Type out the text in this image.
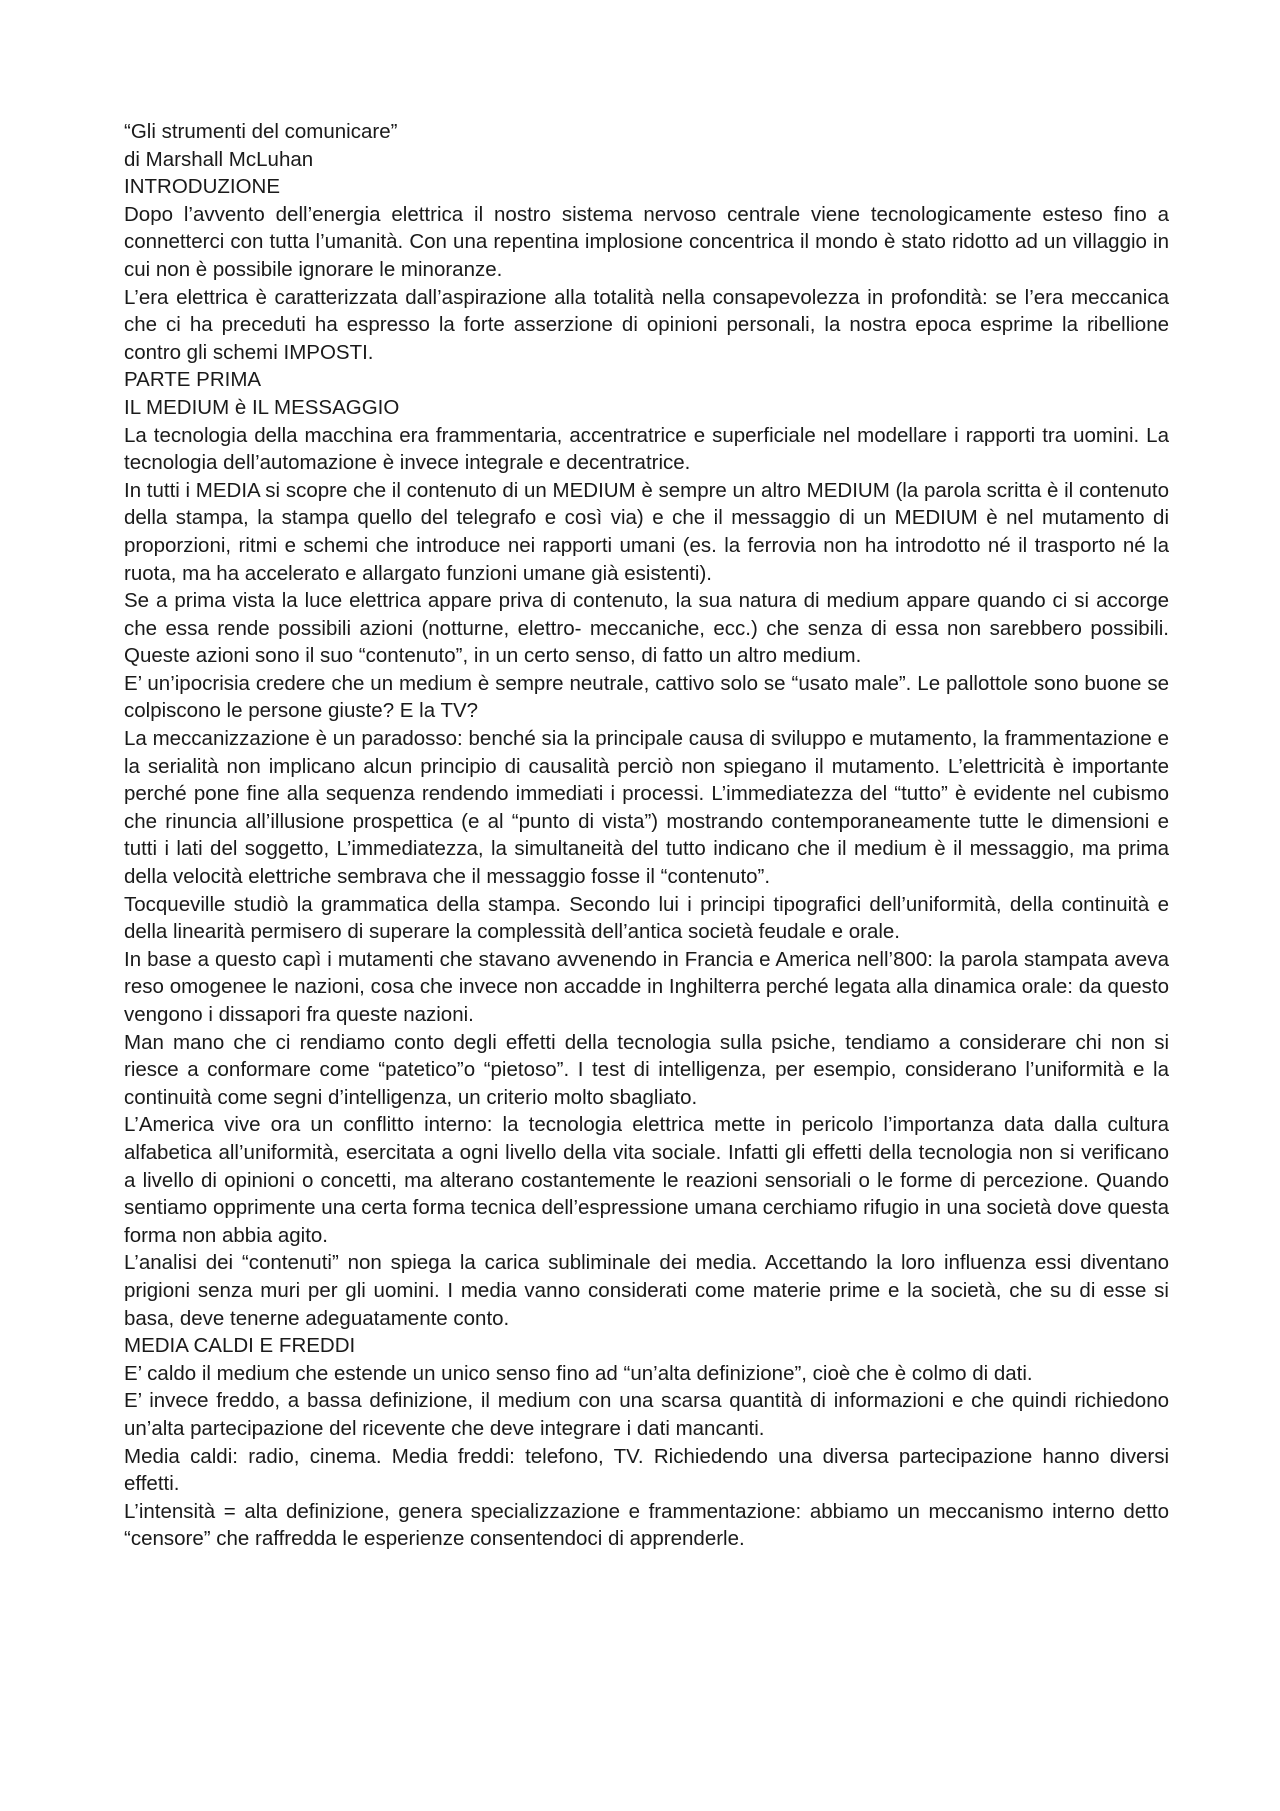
“Gli strumenti del comunicare”
di Marshall McLuhan
INTRODUZIONE

Dopo l’avvento dell’energia elettrica il nostro sistema nervoso centrale viene tecnologicamente esteso fino a connetterci con tutta l’umanità. Con una repentina implosione concentrica il mondo è stato ridotto ad un villaggio in cui non è possibile ignorare le minoranze.

L’era elettrica è caratterizzata dall’aspirazione alla totalità nella consapevolezza in profondità: se l’era meccanica che ci ha preceduti ha espresso la forte asserzione di opinioni personali, la nostra epoca esprime la ribellione contro gli schemi IMPOSTI.

PARTE PRIMA
IL MEDIUM è IL MESSAGGIO

La tecnologia della macchina era frammentaria, accentratrice e superficiale nel modellare i rapporti tra uomini. La tecnologia dell’automazione è invece integrale e decentratrice.

In tutti i MEDIA si scopre che il contenuto di un MEDIUM è sempre un altro MEDIUM (la parola scritta è il contenuto della stampa, la stampa quello del telegrafo e così via) e che il messaggio di un MEDIUM è nel mutamento di proporzioni, ritmi e schemi che introduce nei rapporti umani (es. la ferrovia non ha introdotto né il trasporto né la ruota, ma ha accelerato e allargato funzioni umane già esistenti).

Se a prima vista la luce elettrica appare priva di contenuto, la sua natura di medium appare quando ci si accorge che essa rende possibili azioni (notturne, elettro- meccaniche, ecc.) che senza di essa non sarebbero possibili. Queste azioni sono il suo “contenuto”, in un certo senso, di fatto un altro medium.

E’ un’ipocrisia credere che un medium è sempre neutrale, cattivo solo se “usato male”. Le pallottole sono buone se colpiscono le persone giuste? E la TV?

La meccanizzazione è un paradosso: benché sia la principale causa di sviluppo e mutamento, la frammentazione e la serialità non implicano alcun principio di causalità perciò non spiegano il mutamento. L’elettricità è importante perché pone fine alla sequenza rendendo immediati i processi. L’immediatezza del “tutto” è evidente nel cubismo che rinuncia all’illusione prospettica (e al “punto di vista”) mostrando contemporaneamente tutte le dimensioni e tutti i lati del soggetto, L’immediatezza, la simultaneità del tutto indicano che il medium è il messaggio, ma prima della velocità elettriche sembrava che il messaggio fosse il “contenuto”.

Tocqueville studiò la grammatica della stampa. Secondo lui i principi tipografici dell’uniformità, della continuità e della linearità permisero di superare la complessità dell’antica società feudale e orale.

In base a questo capì i mutamenti che stavano avvenendo in Francia e America nell’800: la parola stampata aveva reso omogenee le nazioni, cosa che invece non accadde in Inghilterra perché legata alla dinamica orale: da questo vengono i dissapori fra queste nazioni.

Man mano che ci rendiamo conto degli effetti della tecnologia sulla psiche, tendiamo a considerare chi non si riesce a conformare come “patetico”o “pietoso”. I test di intelligenza, per esempio, considerano l’uniformità e la continuità come segni d’intelligenza, un criterio molto sbagliato.

L’America vive ora un conflitto interno: la tecnologia elettrica mette in pericolo l’importanza data dalla cultura alfabetica all’uniformità, esercitata a ogni livello della vita sociale. Infatti gli effetti della tecnologia non si verificano a livello di opinioni o concetti, ma alterano costantemente le reazioni sensoriali o le forme di percezione. Quando sentiamo opprimente una certa forma tecnica dell’espressione umana cerchiamo rifugio in una società dove questa forma non abbia agito.

L’analisi dei “contenuti” non spiega la carica subliminale dei media. Accettando la loro influenza essi diventano prigioni senza muri per gli uomini. I media vanno considerati come materie prime e la società, che su di esse si basa, deve tenerne adeguatamente conto.

MEDIA CALDI E FREDDI

E’ caldo il medium che estende un unico senso fino ad “un’alta definizione”, cioè che è colmo di dati.

E’ invece freddo, a bassa definizione, il medium con una scarsa quantità di informazioni e che quindi richiedono un’alta partecipazione del ricevente che deve integrare i dati mancanti.

Media caldi: radio, cinema. Media freddi: telefono, TV. Richiedendo una diversa partecipazione hanno diversi effetti.

L’intensità = alta definizione, genera specializzazione e frammentazione: abbiamo un meccanismo interno detto “censore” che raffredda le esperienze consentendoci di apprenderle.
